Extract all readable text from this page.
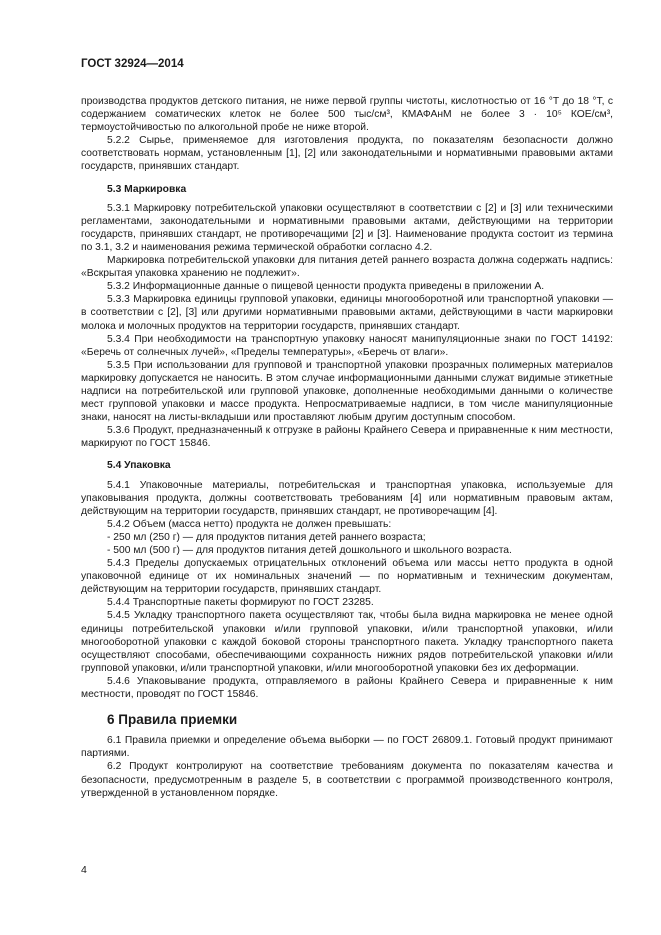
ГОСТ 32924—2014

производства продуктов детского питания, не ниже первой группы чистоты, кислотностью от 16 °Т до 18 °Т, с содержанием соматических клеток не более 500 тыс/см³, КМАФАнМ не более 3 · 10⁵ КОЕ/см³, термоустойчивостью по алкогольной пробе не ниже второй.

5.2.2 Сырье, применяемое для изготовления продукта, по показателям безопасности должно соответствовать нормам, установленным [1], [2] или законодательными и нормативными правовыми актами государств, принявших стандарт.

5.3 Маркировка

5.3.1 Маркировку потребительской упаковки осуществляют в соответствии с [2] и [3] или техническими регламентами, законодательными и нормативными правовыми актами, действующими на территории государств, принявших стандарт, не противоречащими [2] и [3]. Наименование продукта состоит из термина по 3.1, 3.2 и наименования режима термической обработки согласно 4.2.

Маркировка потребительской упаковки для питания детей раннего возраста должна содержать надпись: «Вскрытая упаковка хранению не подлежит».

5.3.2 Информационные данные о пищевой ценности продукта приведены в приложении А.

5.3.3 Маркировка единицы групповой упаковки, единицы многооборотной или транспортной упаковки — в соответствии с [2], [3] или другими нормативными правовыми актами, действующими в части маркировки молока и молочных продуктов на территории государств, принявших стандарт.

5.3.4 При необходимости на транспортную упаковку наносят манипуляционные знаки по ГОСТ 14192: «Беречь от солнечных лучей», «Пределы температуры», «Беречь от влаги».

5.3.5 При использовании для групповой и транспортной упаковки прозрачных полимерных материалов маркировку допускается не наносить. В этом случае информационными данными служат видимые этикетные надписи на потребительской или групповой упаковке, дополненные необходимыми данными о количестве мест групповой упаковки и массе продукта. Непросматриваемые надписи, в том числе манипуляционные знаки, наносят на листы-вкладыши или проставляют любым другим доступным способом.

5.3.6 Продукт, предназначенный к отгрузке в районы Крайнего Севера и приравненные к ним местности, маркируют по ГОСТ 15846.

5.4 Упаковка

5.4.1 Упаковочные материалы, потребительская и транспортная упаковка, используемые для упаковывания продукта, должны соответствовать требованиям [4] или нормативным правовым актам, действующим на территории государств, принявших стандарт, не противоречащим [4].

5.4.2 Объем (масса нетто) продукта не должен превышать:

- 250 мл (250 г) — для продуктов питания детей раннего возраста;

- 500 мл (500 г) — для продуктов питания детей дошкольного и школьного возраста.

5.4.3 Пределы допускаемых отрицательных отклонений объема или массы нетто продукта в одной упаковочной единице от их номинальных значений — по нормативным и техническим документам, действующим на территории государств, принявших стандарт.

5.4.4 Транспортные пакеты формируют по ГОСТ 23285.

5.4.5 Укладку транспортного пакета осуществляют так, чтобы была видна маркировка не менее одной единицы потребительской упаковки и/или групповой упаковки, и/или транспортной упаковки, и/или многооборотной упаковки с каждой боковой стороны транспортного пакета. Укладку транспортного пакета осуществляют способами, обеспечивающими сохранность нижних рядов потребительской упаковки и/или групповой упаковки, и/или транспортной упаковки, и/или многооборотной упаковки без их деформации.

5.4.6 Упаковывание продукта, отправляемого в районы Крайнего Севера и приравненные к ним местности, проводят по ГОСТ 15846.

6 Правила приемки

6.1 Правила приемки и определение объема выборки — по ГОСТ 26809.1. Готовый продукт принимают партиями.

6.2 Продукт контролируют на соответствие требованиям документа по показателям качества и безопасности, предусмотренным в разделе 5, в соответствии с программой производственного контроля, утвержденной в установленном порядке.

4
